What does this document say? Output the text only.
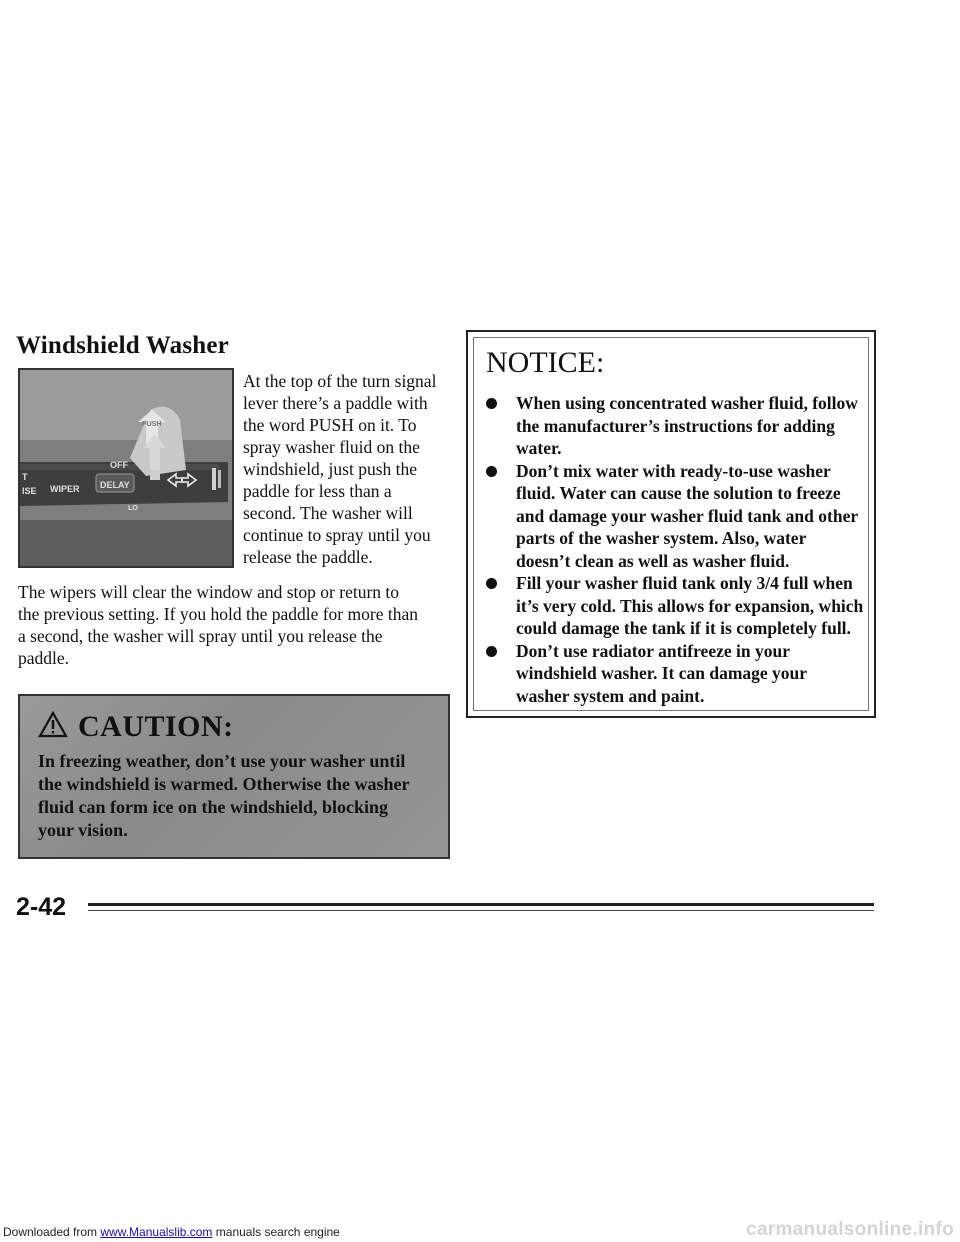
Windshield Washer
T
ISE WIPER DELAY
OFF
PUSH
LO

At the top of the turn signal lever there’s a paddle with the word PUSH on it. To spray washer fluid on the windshield, just push the paddle for less than a second. The washer will continue to spray until you release the paddle.

The wipers will clear the window and stop or return to the previous setting. If you hold the paddle for more than a second, the washer will spray until you release the paddle.

CAUTION:

In freezing weather, don’t use your washer until the windshield is warmed. Otherwise the washer fluid can form ice on the windshield, blocking your vision.

NOTICE:
When using concentrated washer fluid, follow the manufacturer’s instructions for adding water.
Don’t mix water with ready-to-use washer fluid. Water can cause the solution to freeze and damage your washer fluid tank and other parts of the washer system. Also, water doesn’t clean as well as washer fluid.
Fill your washer fluid tank only 3/4 full when it’s very cold. This allows for expansion, which could damage the tank if it is completely full.
Don’t use radiator antifreeze in your windshield washer. It can damage your washer system and paint.
2-42
Downloaded from www.Manualslib.com manuals search engine	carmanualsonline.info
